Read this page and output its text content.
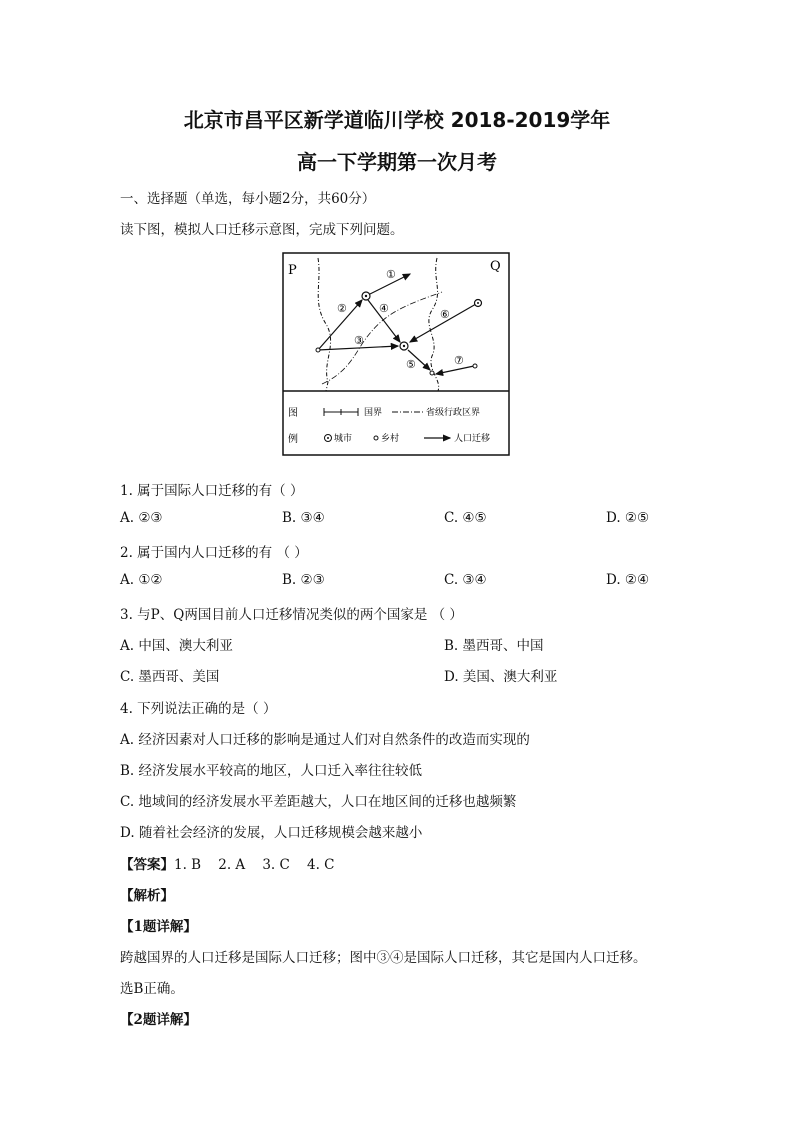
北京市昌平区新学道临川学校 2018-2019学年
高一下学期第一次月考
一、选择题（单选，每小题2分，共60分）
读下图，模拟人口迁移示意图，完成下列问题。
P	Q
①
②
③
④
⑤
⑥
⑦
图
例
国界	省级行政区界
城市	乡村	人口迁移
1. 属于国际人口迁移的有（ ）
A. ②③	B. ③④	C. ④⑤	D. ②⑤
2. 属于国内人口迁移的有 （ ）
A. ①②	B. ②③	C. ③④	D. ②④
3. 与P、Q两国目前人口迁移情况类似的两个国家是 （ ）
A. 中国、澳大利亚	B. 墨西哥、中国
C. 墨西哥、美国	D. 美国、澳大利亚
4. 下列说法正确的是（ ）
A. 经济因素对人口迁移的影响是通过人们对自然条件的改造而实现的
B. 经济发展水平较高的地区，人口迁入率往往较低
C. 地域间的经济发展水平差距越大，人口在地区间的迁移也越频繁
D. 随着社会经济的发展，人口迁移规模会越来越小
【答案】1. B    2. A    3. C    4. C
【解析】
【1题详解】
跨越国界的人口迁移是国际人口迁移；图中③④是国际人口迁移，其它是国内人口迁移。
选B正确。
【2题详解】
